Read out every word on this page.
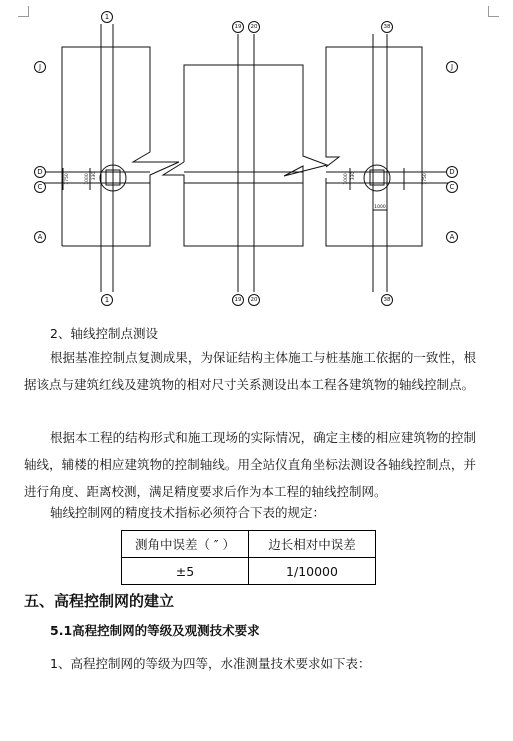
J
D
C
A
J
D
C
A
1
19 20	38
1	19 20	38
1750	1000 330	1000 330	1750
1000
2、轴线控制点测设
根据基准控制点复测成果，为保证结构主体施工与桩基施工依据的一致性，根据该点与建筑红线及建筑物的相对尺寸关系测设出本工程各建筑物的轴线控制点。
根据本工程的结构形式和施工现场的实际情况，确定主楼的相应建筑物的控制轴线，辅楼的相应建筑物的控制轴线。用全站仪直角坐标法测设各轴线控制点，并进行角度、距离校测，满足精度要求后作为本工程的轴线控制网。
轴线控制网的精度技术指标必须符合下表的规定：
测角中误差（ ″ ）	边长相对中误差
±5	1/10000
五、高程控制网的建立
5.1高程控制网的等级及观测技术要求
1、高程控制网的等级为四等，水准测量技术要求如下表：
